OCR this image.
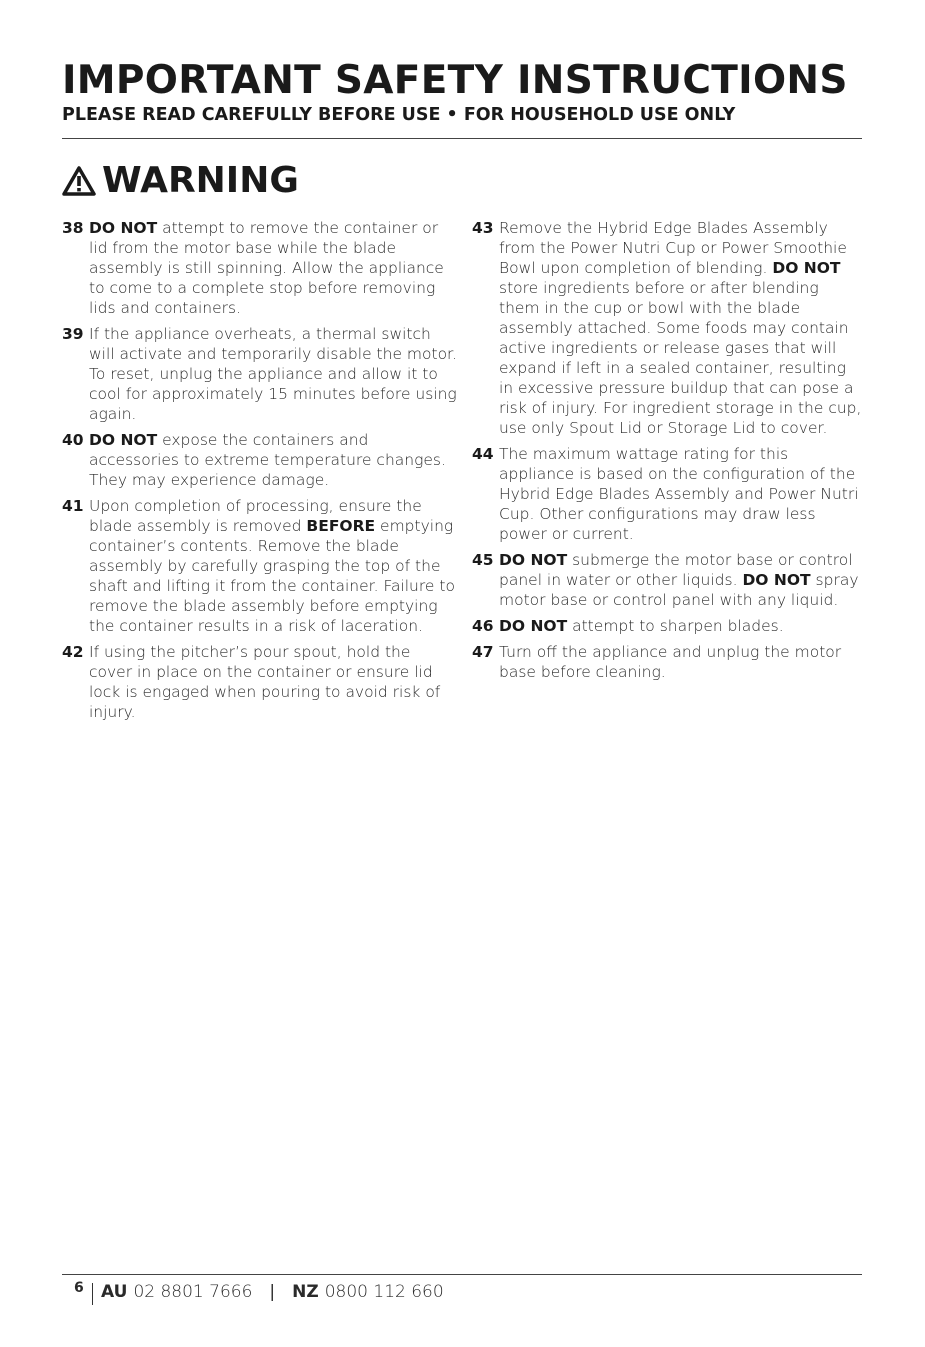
IMPORTANT SAFETY INSTRUCTIONS
PLEASE READ CAREFULLY BEFORE USE • FOR HOUSEHOLD USE ONLY
WARNING
38 DO NOT attempt to remove the container or lid from the motor base while the blade assembly is still spinning. Allow the appliance to come to a complete stop before removing lids and containers.
39 If the appliance overheats, a thermal switch will activate and temporarily disable the motor. To reset, unplug the appliance and allow it to cool for approximately 15 minutes before using again.
40 DO NOT expose the containers and accessories to extreme temperature changes. They may experience damage.
41 Upon completion of processing, ensure the blade assembly is removed BEFORE emptying container’s contents. Remove the blade assembly by carefully grasping the top of the shaft and lifting it from the container. Failure to remove the blade assembly before emptying the container results in a risk of laceration.
42 If using the pitcher’s pour spout, hold the cover in place on the container or ensure lid lock is engaged when pouring to avoid risk of injury.
43 Remove the Hybrid Edge Blades Assembly from the Power Nutri Cup or Power Smoothie Bowl upon completion of blending. DO NOT store ingredients before or after blending them in the cup or bowl with the blade assembly attached. Some foods may contain active ingredients or release gases that will expand if left in a sealed container, resulting in excessive pressure buildup that can pose a risk of injury. For ingredient storage in the cup, use only Spout Lid or Storage Lid to cover.
44 The maximum wattage rating for this appliance is based on the configuration of the Hybrid Edge Blades Assembly and Power Nutri Cup. Other configurations may draw less power or current.
45 DO NOT submerge the motor base or control panel in water or other liquids. DO NOT spray motor base or control panel with any liquid.
46 DO NOT attempt to sharpen blades.
47 Turn off the appliance and unplug the motor base before cleaning.
6	AU 02 8801 7666 | NZ 0800 112 660
